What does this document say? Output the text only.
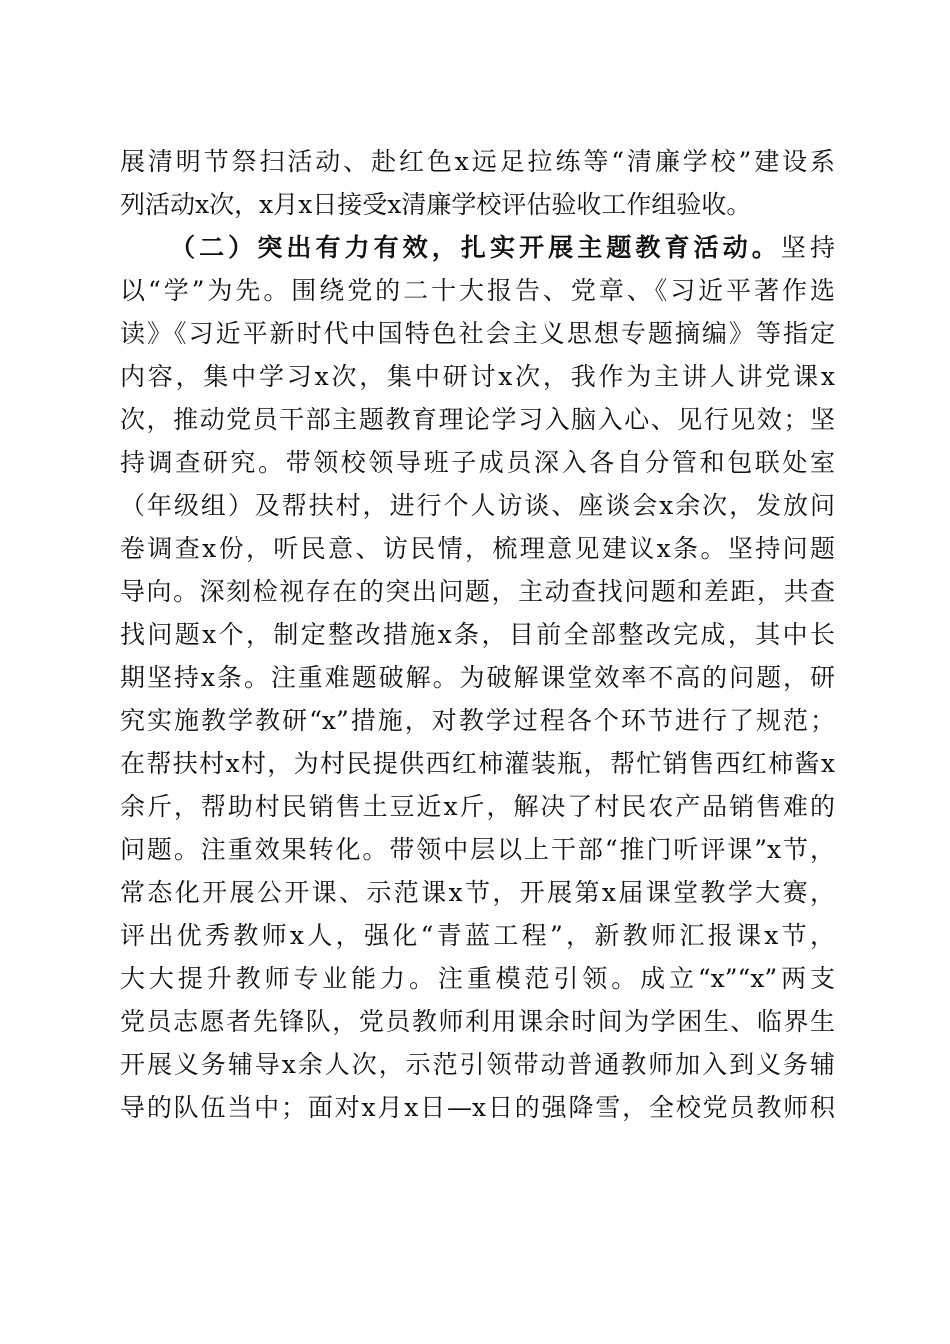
展清明节祭扫活动、赴红色x远足拉练等“清廉学校”建设系
列活动x次，x月x日接受x清廉学校评估验收工作组验收。
（二）突出有力有效，扎实开展主题教育活动。坚持
以“学”为先。围绕党的二十大报告、党章、《习近平著作选
读》《习近平新时代中国特色社会主义思想专题摘编》等指定
内容，集中学习x次，集中研讨x次，我作为主讲人讲党课x
次，推动党员干部主题教育理论学习入脑入心、见行见效；坚
持调查研究。带领校领导班子成员深入各自分管和包联处室
（年级组）及帮扶村，进行个人访谈、座谈会x余次，发放问
卷调查x份，听民意、访民情，梳理意见建议x条。坚持问题
导向。深刻检视存在的突出问题，主动查找问题和差距，共查
找问题x个，制定整改措施x条，目前全部整改完成，其中长
期坚持x条。注重难题破解。为破解课堂效率不高的问题，研
究实施教学教研“x”措施，对教学过程各个环节进行了规范；
在帮扶村x村，为村民提供西红柿灌装瓶，帮忙销售西红柿酱x
余斤，帮助村民销售土豆近x斤，解决了村民农产品销售难的
问题。注重效果转化。带领中层以上干部“推门听评课”x节，
常态化开展公开课、示范课x节，开展第x届课堂教学大赛，
评出优秀教师x人，强化“青蓝工程”，新教师汇报课x节，
大大提升教师专业能力。注重模范引领。成立“x”“x”两支
党员志愿者先锋队，党员教师利用课余时间为学困生、临界生
开展义务辅导x余人次，示范引领带动普通教师加入到义务辅
导的队伍当中；面对x月x日—x日的强降雪，全校党员教师积
